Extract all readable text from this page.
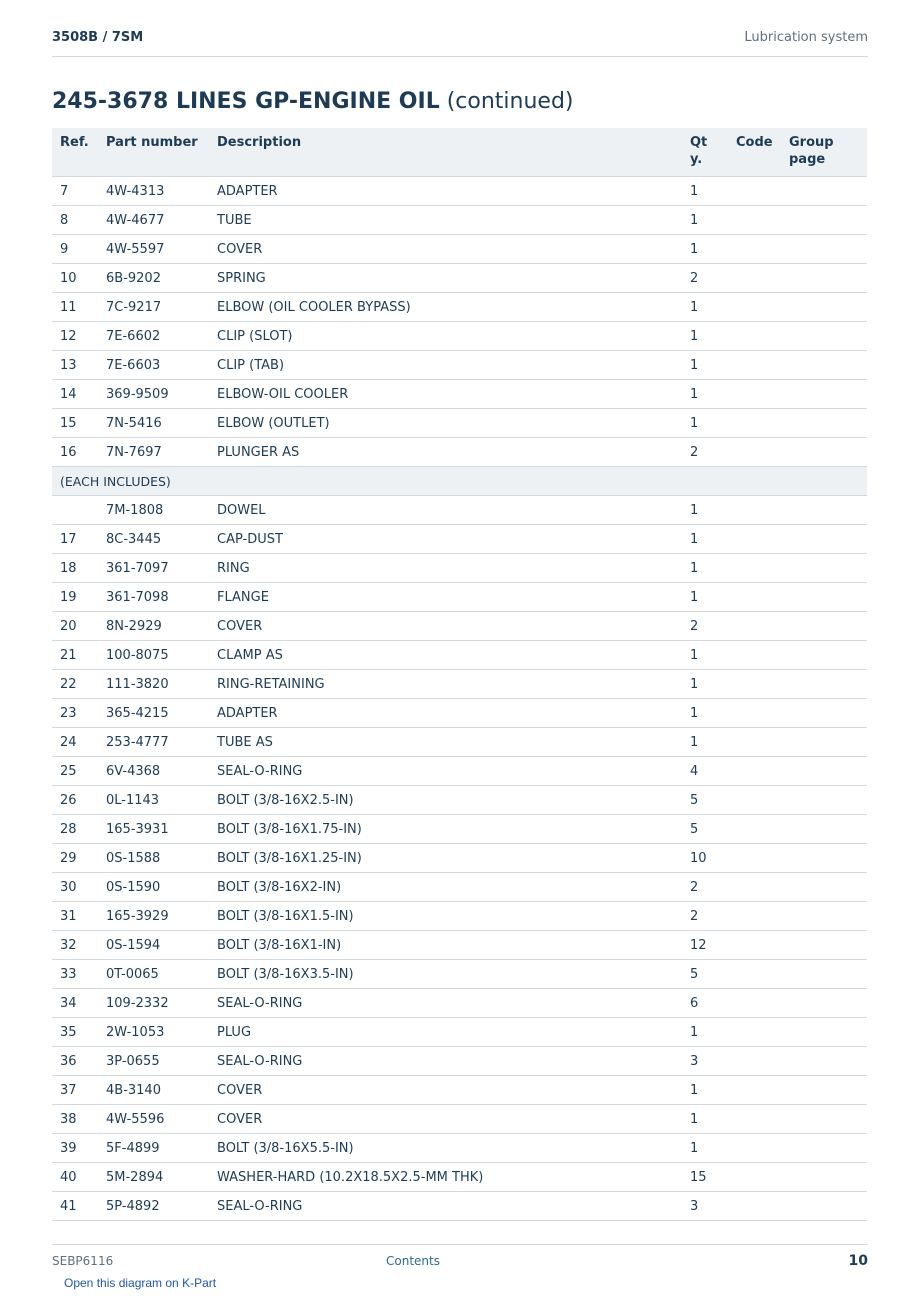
3508B / 7SM	Lubrication system
245-3678 LINES GP-ENGINE OIL (continued)
Ref.	Part number	Description	Qty.	Code	Group page
7	4W-4313	ADAPTER	1		
8	4W-4677	TUBE	1		
9	4W-5597	COVER	1		
10	6B-9202	SPRING	2		
11	7C-9217	ELBOW (OIL COOLER BYPASS)	1		
12	7E-6602	CLIP (SLOT)	1		
13	7E-6603	CLIP (TAB)	1		
14	369-9509	ELBOW-OIL COOLER	1		
15	7N-5416	ELBOW (OUTLET)	1		
16	7N-7697	PLUNGER AS	2		
(EACH INCLUDES)					
	7M-1808	DOWEL	1		
17	8C-3445	CAP-DUST	1		
18	361-7097	RING	1		
19	361-7098	FLANGE	1		
20	8N-2929	COVER	2		
21	100-8075	CLAMP AS	1		
22	111-3820	RING-RETAINING	1		
23	365-4215	ADAPTER	1		
24	253-4777	TUBE AS	1		
25	6V-4368	SEAL-O-RING	4		
26	0L-1143	BOLT (3/8-16X2.5-IN)	5		
28	165-3931	BOLT (3/8-16X1.75-IN)	5		
29	0S-1588	BOLT (3/8-16X1.25-IN)	10		
30	0S-1590	BOLT (3/8-16X2-IN)	2		
31	165-3929	BOLT (3/8-16X1.5-IN)	2		
32	0S-1594	BOLT (3/8-16X1-IN)	12		
33	0T-0065	BOLT (3/8-16X3.5-IN)	5		
34	109-2332	SEAL-O-RING	6		
35	2W-1053	PLUG	1		
36	3P-0655	SEAL-O-RING	3		
37	4B-3140	COVER	1		
38	4W-5596	COVER	1		
39	5F-4899	BOLT (3/8-16X5.5-IN)	1		
40	5M-2894	WASHER-HARD (10.2X18.5X2.5-MM THK)	15		
41	5P-4892	SEAL-O-RING	3		
SEBP6116	Contents	10
Open this diagram on K-Part
